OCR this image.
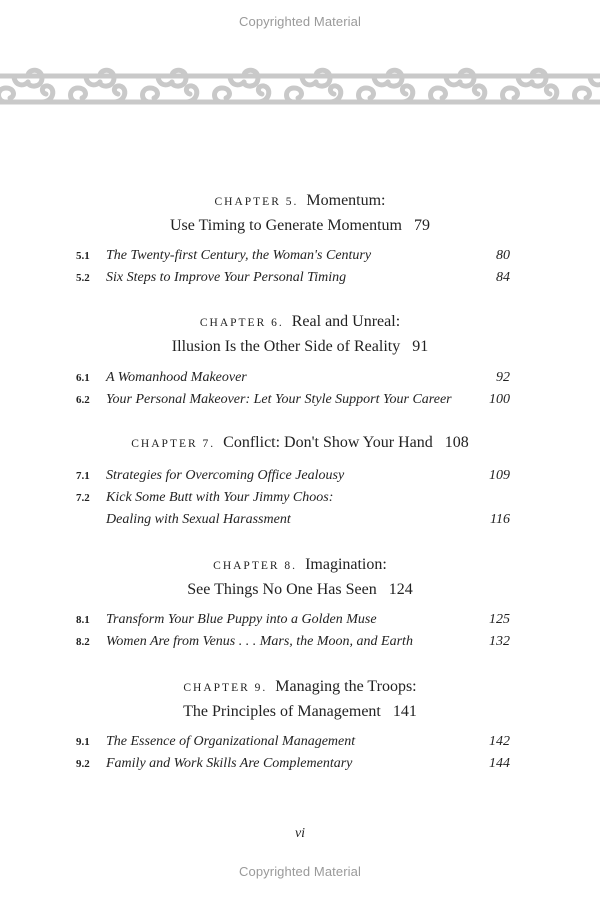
Copyrighted Material
CHAPTER 5. Momentum:
Use Timing to Generate Momentum 79
5.1 The Twenty-first Century, the Woman's Century	80
5.2 Six Steps to Improve Your Personal Timing	84
CHAPTER 6. Real and Unreal:
Illusion Is the Other Side of Reality 91
6.1 A Womanhood Makeover	92
6.2 Your Personal Makeover: Let Your Style Support Your Career	100
CHAPTER 7. Conflict: Don't Show Your Hand 108
7.1 Strategies for Overcoming Office Jealousy	109
7.2 Kick Some Butt with Your Jimmy Choos:
Dealing with Sexual Harassment	116
CHAPTER 8. Imagination:
See Things No One Has Seen 124
8.1 Transform Your Blue Puppy into a Golden Muse	125
8.2 Women Are from Venus . . . Mars, the Moon, and Earth	132
CHAPTER 9. Managing the Troops:
The Principles of Management 141
9.1 The Essence of Organizational Management	142
9.2 Family and Work Skills Are Complementary	144
vi
Copyrighted Material
